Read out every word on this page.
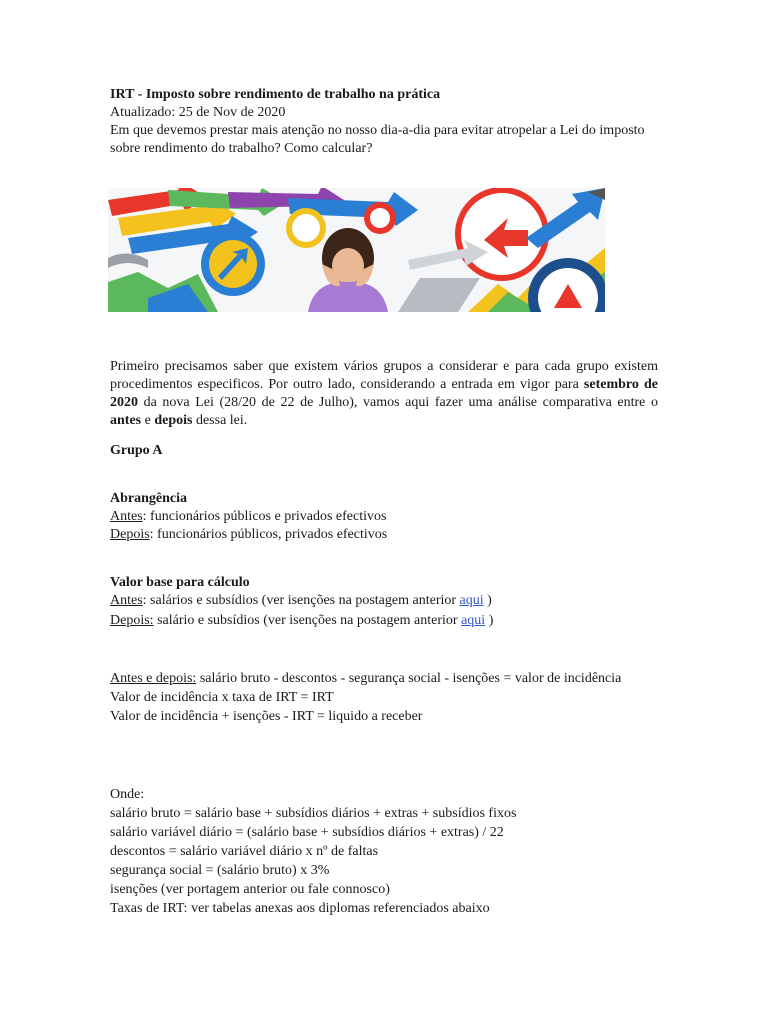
IRT - Imposto sobre rendimento de trabalho na prática

Atualizado: 25 de Nov de 2020

Em que devemos prestar mais atenção no nosso dia-a-dia para evitar atropelar a Lei do imposto sobre rendimento do trabalho? Como calcular?

Primeiro precisamos saber que existem vários grupos a considerar e para cada grupo existem procedimentos especificos. Por outro lado, considerando a entrada em vigor para setembro de 2020 da nova Lei (28/20 de 22 de Julho), vamos aqui fazer uma análise comparativa entre o antes e depois dessa lei.

Grupo A

Abrangência

Antes: funcionários públicos e privados efectivos

Depois: funcionários públicos, privados efectivos

Valor base para cálculo

Antes: salários e subsídios (ver isenções na postagem anterior aqui )

Depois: salário e subsídios (ver isenções na postagem anterior aqui )

Antes e depois: salário bruto - descontos - segurança social - isenções = valor de incidência

Valor de incidência x taxa de IRT = IRT

Valor de incidência + isenções - IRT = liquido a receber

Onde:

salário bruto = salário base + subsídios diários + extras + subsídios fixos

salário variável diário = (salário base + subsídios diários + extras) / 22

descontos = salário variável diário x nº de faltas

segurança social = (salário bruto) x 3%

isenções (ver portagem anterior ou fale connosco)

Taxas de IRT: ver tabelas anexas aos diplomas referenciados abaixo
